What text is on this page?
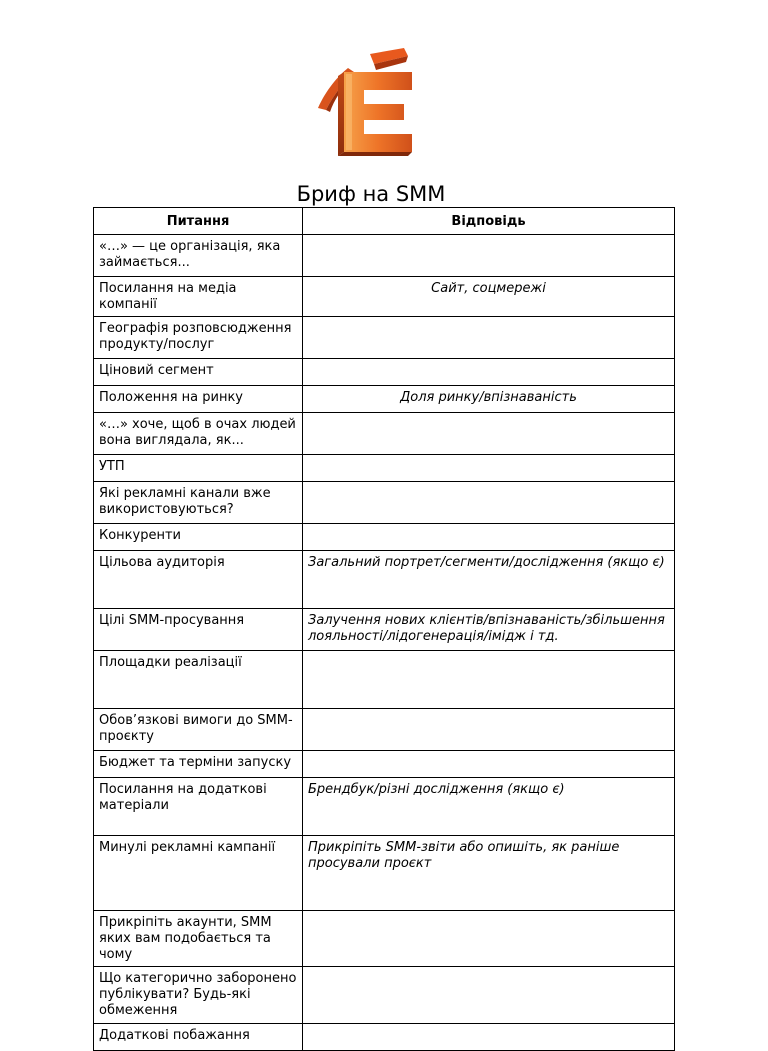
Бриф на SMM
Питання	Відповідь
«…» — це організація, яка займається...	
Посилання на медіа компанії	Сайт, соцмережі
Географія розповсюдження продукту/послуг	
Ціновий сегмент	
Положення на ринку	Доля ринку/впізнаваність
«…» хоче, щоб в очах людей вона виглядала, як...	
УТП	
Які рекламні канали вже використовуються?	
Конкуренти	
Цільова аудиторія	Загальний портрет/сегменти/дослідження (якщо є)
Цілі SMM-просування	Залучення нових клієнтів/впізнаваність/збільшення лояльності/лідогенерація/імідж і тд.
Площадки реалізації	
Обов’язкові вимоги до SMM-проєкту	
Бюджет та терміни запуску	
Посилання на додаткові матеріали	Брендбук/різні дослідження (якщо є)
Минулі рекламні кампанії	Прикріпіть SMM-звіти або опишіть, як раніше просували проєкт
Прикріпіть акаунти, SMM яких вам подобається та чому	
Що категорично заборонено публікувати? Будь-які обмеження	
Додаткові побажання	
